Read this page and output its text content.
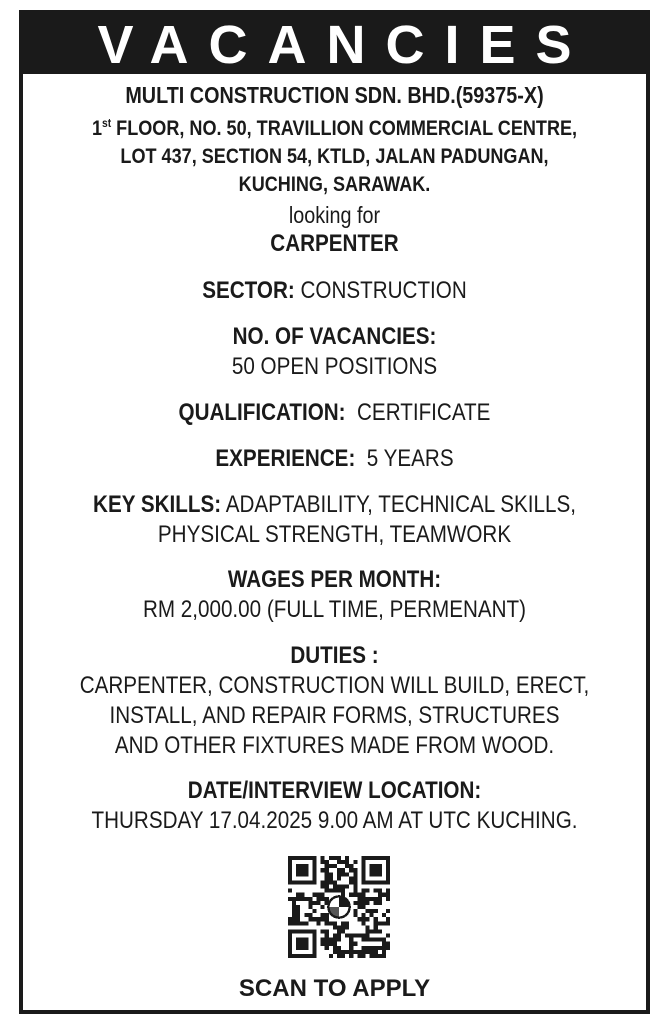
VACANCIES
MULTI CONSTRUCTION SDN. BHD.(59375-X)
1st FLOOR, NO. 50, TRAVILLION COMMERCIAL CENTRE,
LOT 437, SECTION 54, KTLD, JALAN PADUNGAN,
KUCHING, SARAWAK.
looking for
CARPENTER
SECTOR: CONSTRUCTION
NO. OF VACANCIES:
50 OPEN POSITIONS
QUALIFICATION:  CERTIFICATE
EXPERIENCE:  5 YEARS
KEY SKILLS: ADAPTABILITY, TECHNICAL SKILLS,
PHYSICAL STRENGTH, TEAMWORK
WAGES PER MONTH:
RM 2,000.00 (FULL TIME, PERMENANT)
DUTIES :
CARPENTER, CONSTRUCTION WILL BUILD, ERECT,
INSTALL, AND REPAIR FORMS, STRUCTURES
AND OTHER FIXTURES MADE FROM WOOD.
DATE/INTERVIEW LOCATION:
THURSDAY 17.04.2025 9.00 AM AT UTC KUCHING.
SCAN TO APPLY
